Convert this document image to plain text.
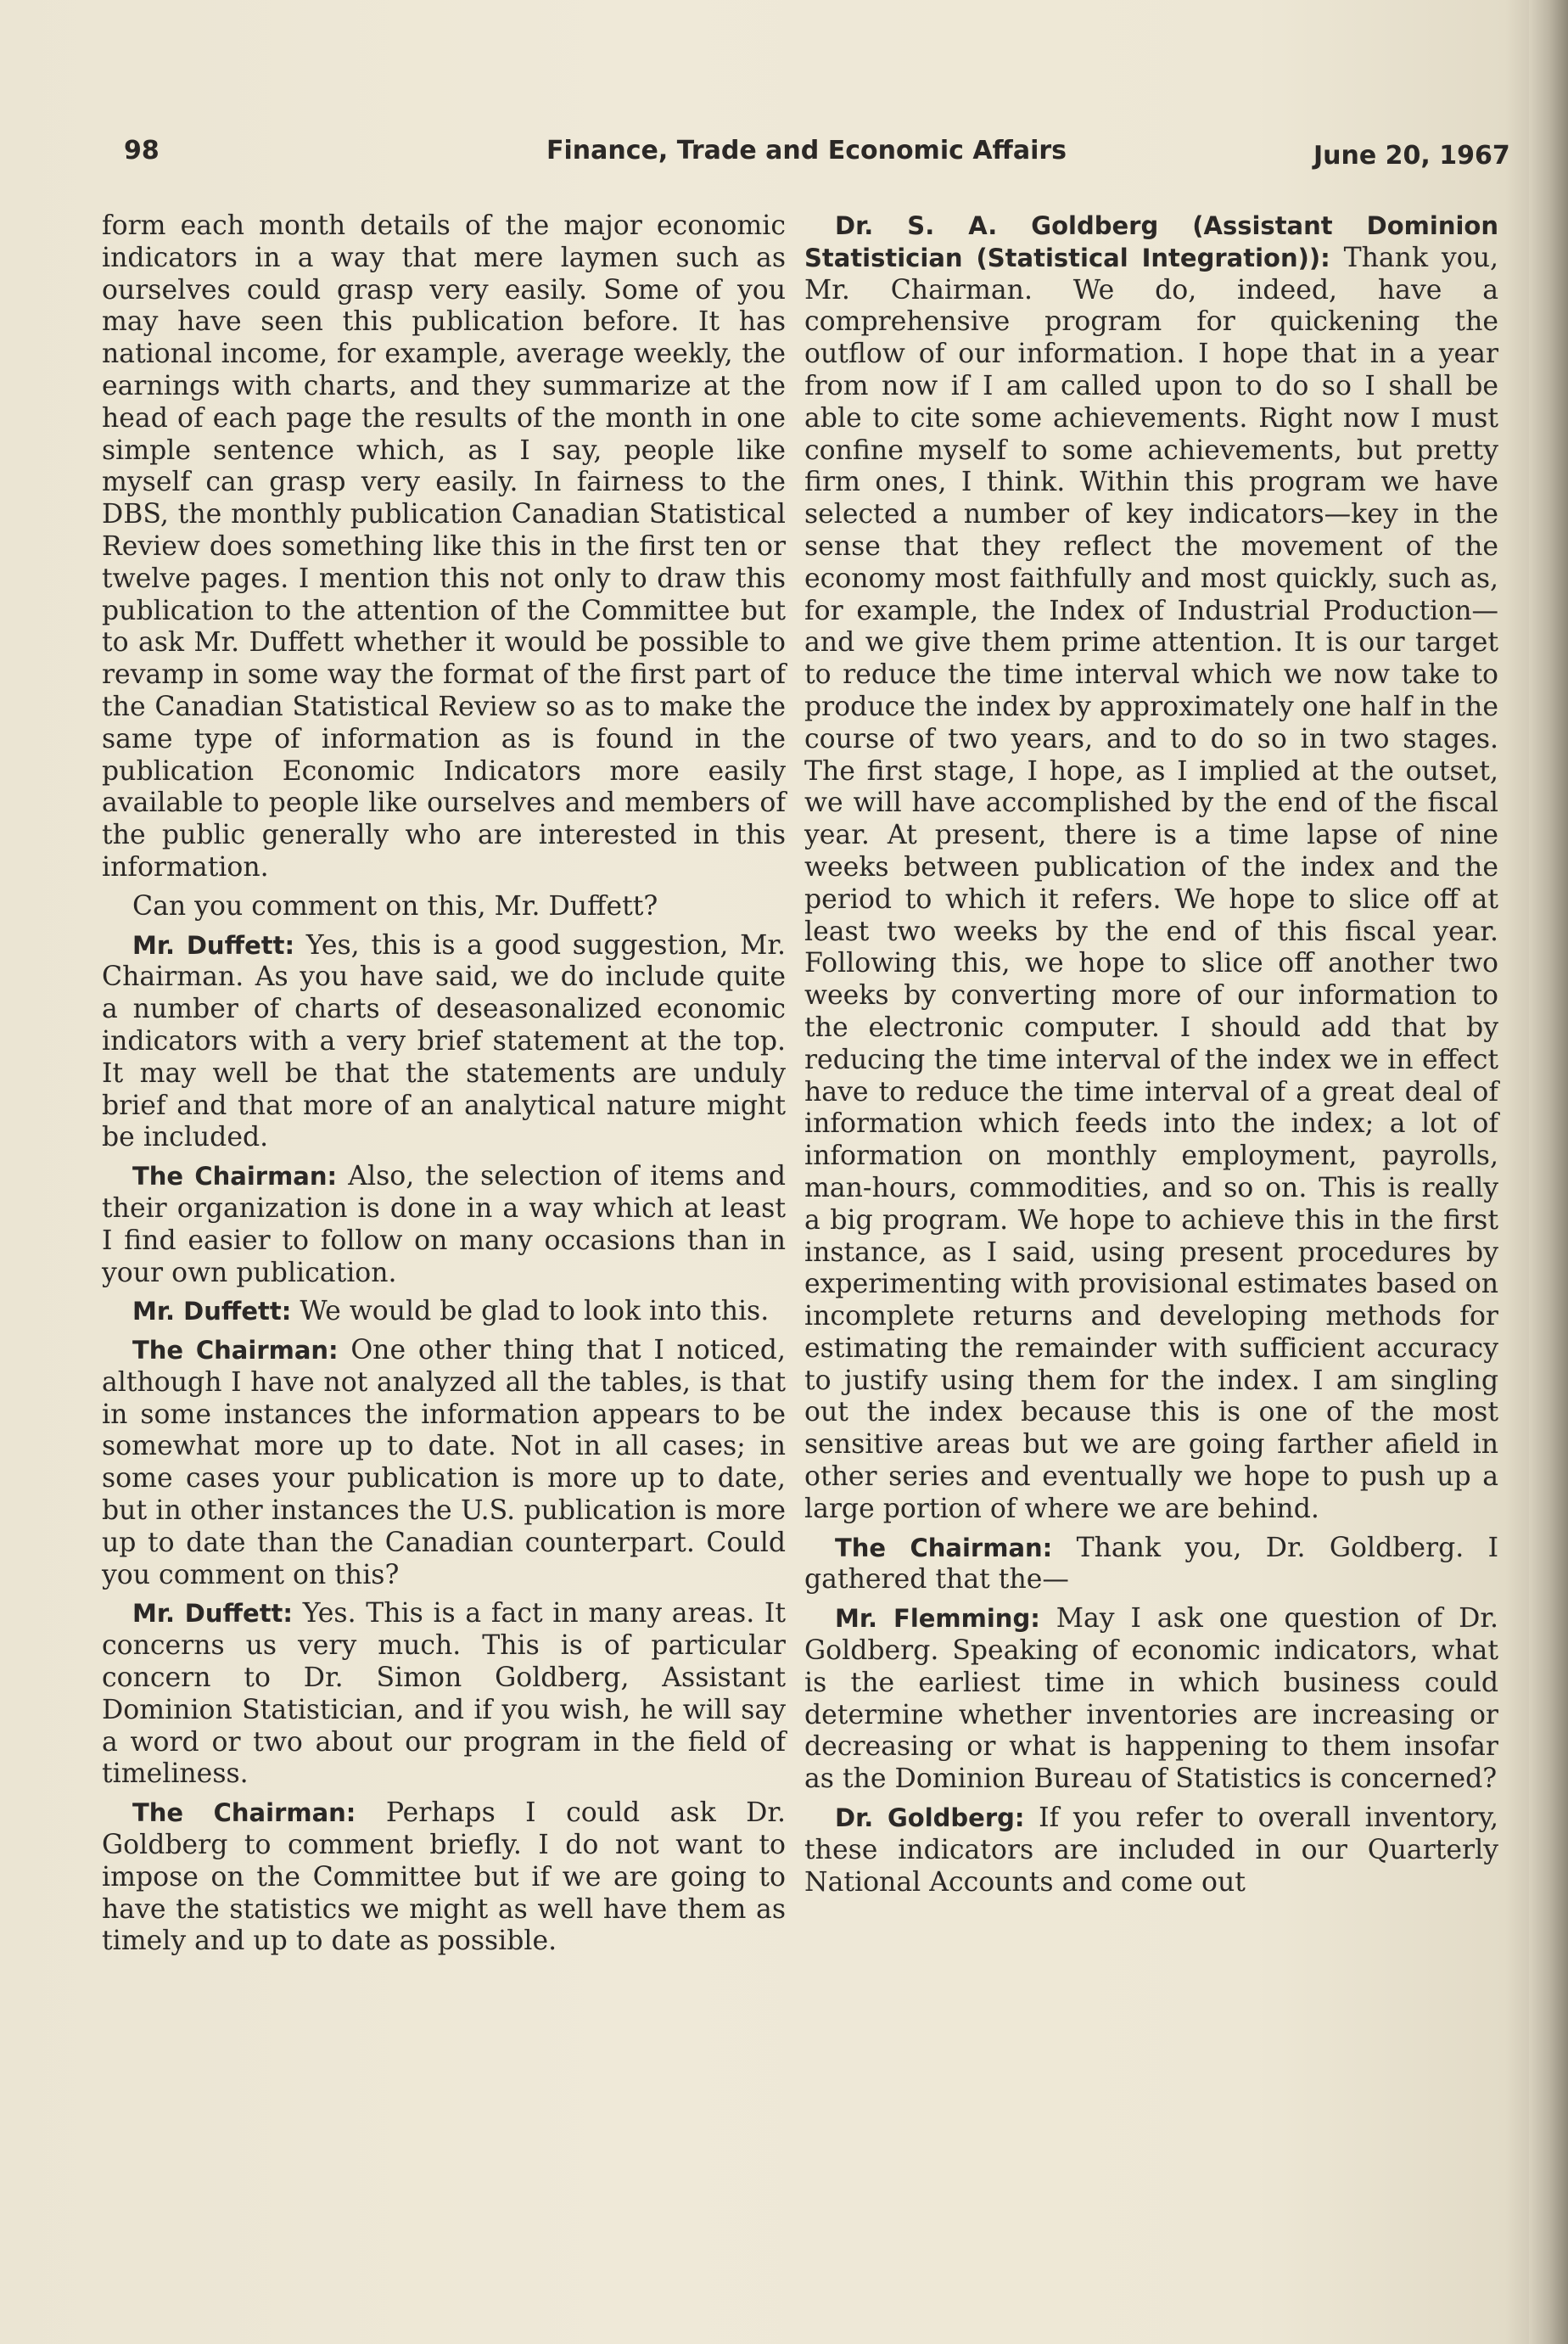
98	Finance, Trade and Economic Affairs	June 20, 1967

form each month details of the major economic indicators in a way that mere laymen such as ourselves could grasp very easily. Some of you may have seen this publication before. It has national income, for example, average weekly, the earnings with charts, and they summarize at the head of each page the results of the month in one simple sentence which, as I say, people like myself can grasp very easily. In fairness to the DBS, the monthly publication Canadian Statistical Review does something like this in the first ten or twelve pages. I mention this not only to draw this publication to the attention of the Committee but to ask Mr. Duffett whether it would be possible to revamp in some way the format of the first part of the Canadian Statistical Review so as to make the same type of information as is found in the publication Economic Indicators more easily available to people like ourselves and members of the public generally who are interested in this information.

Can you comment on this, Mr. Duffett?

Mr. Duffett: Yes, this is a good suggestion, Mr. Chairman. As you have said, we do include quite a number of charts of deseasonalized economic indicators with a very brief statement at the top. It may well be that the statements are unduly brief and that more of an analytical nature might be included.

The Chairman: Also, the selection of items and their organization is done in a way which at least I find easier to follow on many occasions than in your own publication.

Mr. Duffett: We would be glad to look into this.

The Chairman: One other thing that I noticed, although I have not analyzed all the tables, is that in some instances the information appears to be somewhat more up to date. Not in all cases; in some cases your publication is more up to date, but in other instances the U.S. publication is more up to date than the Canadian counterpart. Could you comment on this?

Mr. Duffett: Yes. This is a fact in many areas. It concerns us very much. This is of particular concern to Dr. Simon Goldberg, Assistant Dominion Statistician, and if you wish, he will say a word or two about our program in the field of timeliness.

The Chairman: Perhaps I could ask Dr. Goldberg to comment briefly. I do not want to impose on the Committee but if we are going to have the statistics we might as well have them as timely and up to date as possible.

Dr. S. A. Goldberg (Assistant Dominion Statistician (Statistical Integration)): Thank you, Mr. Chairman. We do, indeed, have a comprehensive program for quickening the outflow of our information. I hope that in a year from now if I am called upon to do so I shall be able to cite some achievements. Right now I must confine myself to some achievements, but pretty firm ones, I think. Within this program we have selected a number of key indicators—key in the sense that they reflect the movement of the economy most faithfully and most quickly, such as, for example, the Index of Industrial Production—and we give them prime attention. It is our target to reduce the time interval which we now take to produce the index by approximately one half in the course of two years, and to do so in two stages. The first stage, I hope, as I implied at the outset, we will have accomplished by the end of the fiscal year. At present, there is a time lapse of nine weeks between publication of the index and the period to which it refers. We hope to slice off at least two weeks by the end of this fiscal year. Following this, we hope to slice off another two weeks by converting more of our information to the electronic computer. I should add that by reducing the time interval of the index we in effect have to reduce the time interval of a great deal of information which feeds into the index; a lot of information on monthly employment, payrolls, man-hours, commodities, and so on. This is really a big program. We hope to achieve this in the first instance, as I said, using present procedures by experimenting with provisional estimates based on incomplete returns and developing methods for estimating the remainder with sufficient accuracy to justify using them for the index. I am singling out the index because this is one of the most sensitive areas but we are going farther afield in other series and eventually we hope to push up a large portion of where we are behind.

The Chairman: Thank you, Dr. Goldberg. I gathered that the—

Mr. Flemming: May I ask one question of Dr. Goldberg. Speaking of economic indicators, what is the earliest time in which business could determine whether inventories are increasing or decreasing or what is happening to them insofar as the Dominion Bureau of Statistics is concerned?

Dr. Goldberg: If you refer to overall inventory, these indicators are included in our Quarterly National Accounts and come out
